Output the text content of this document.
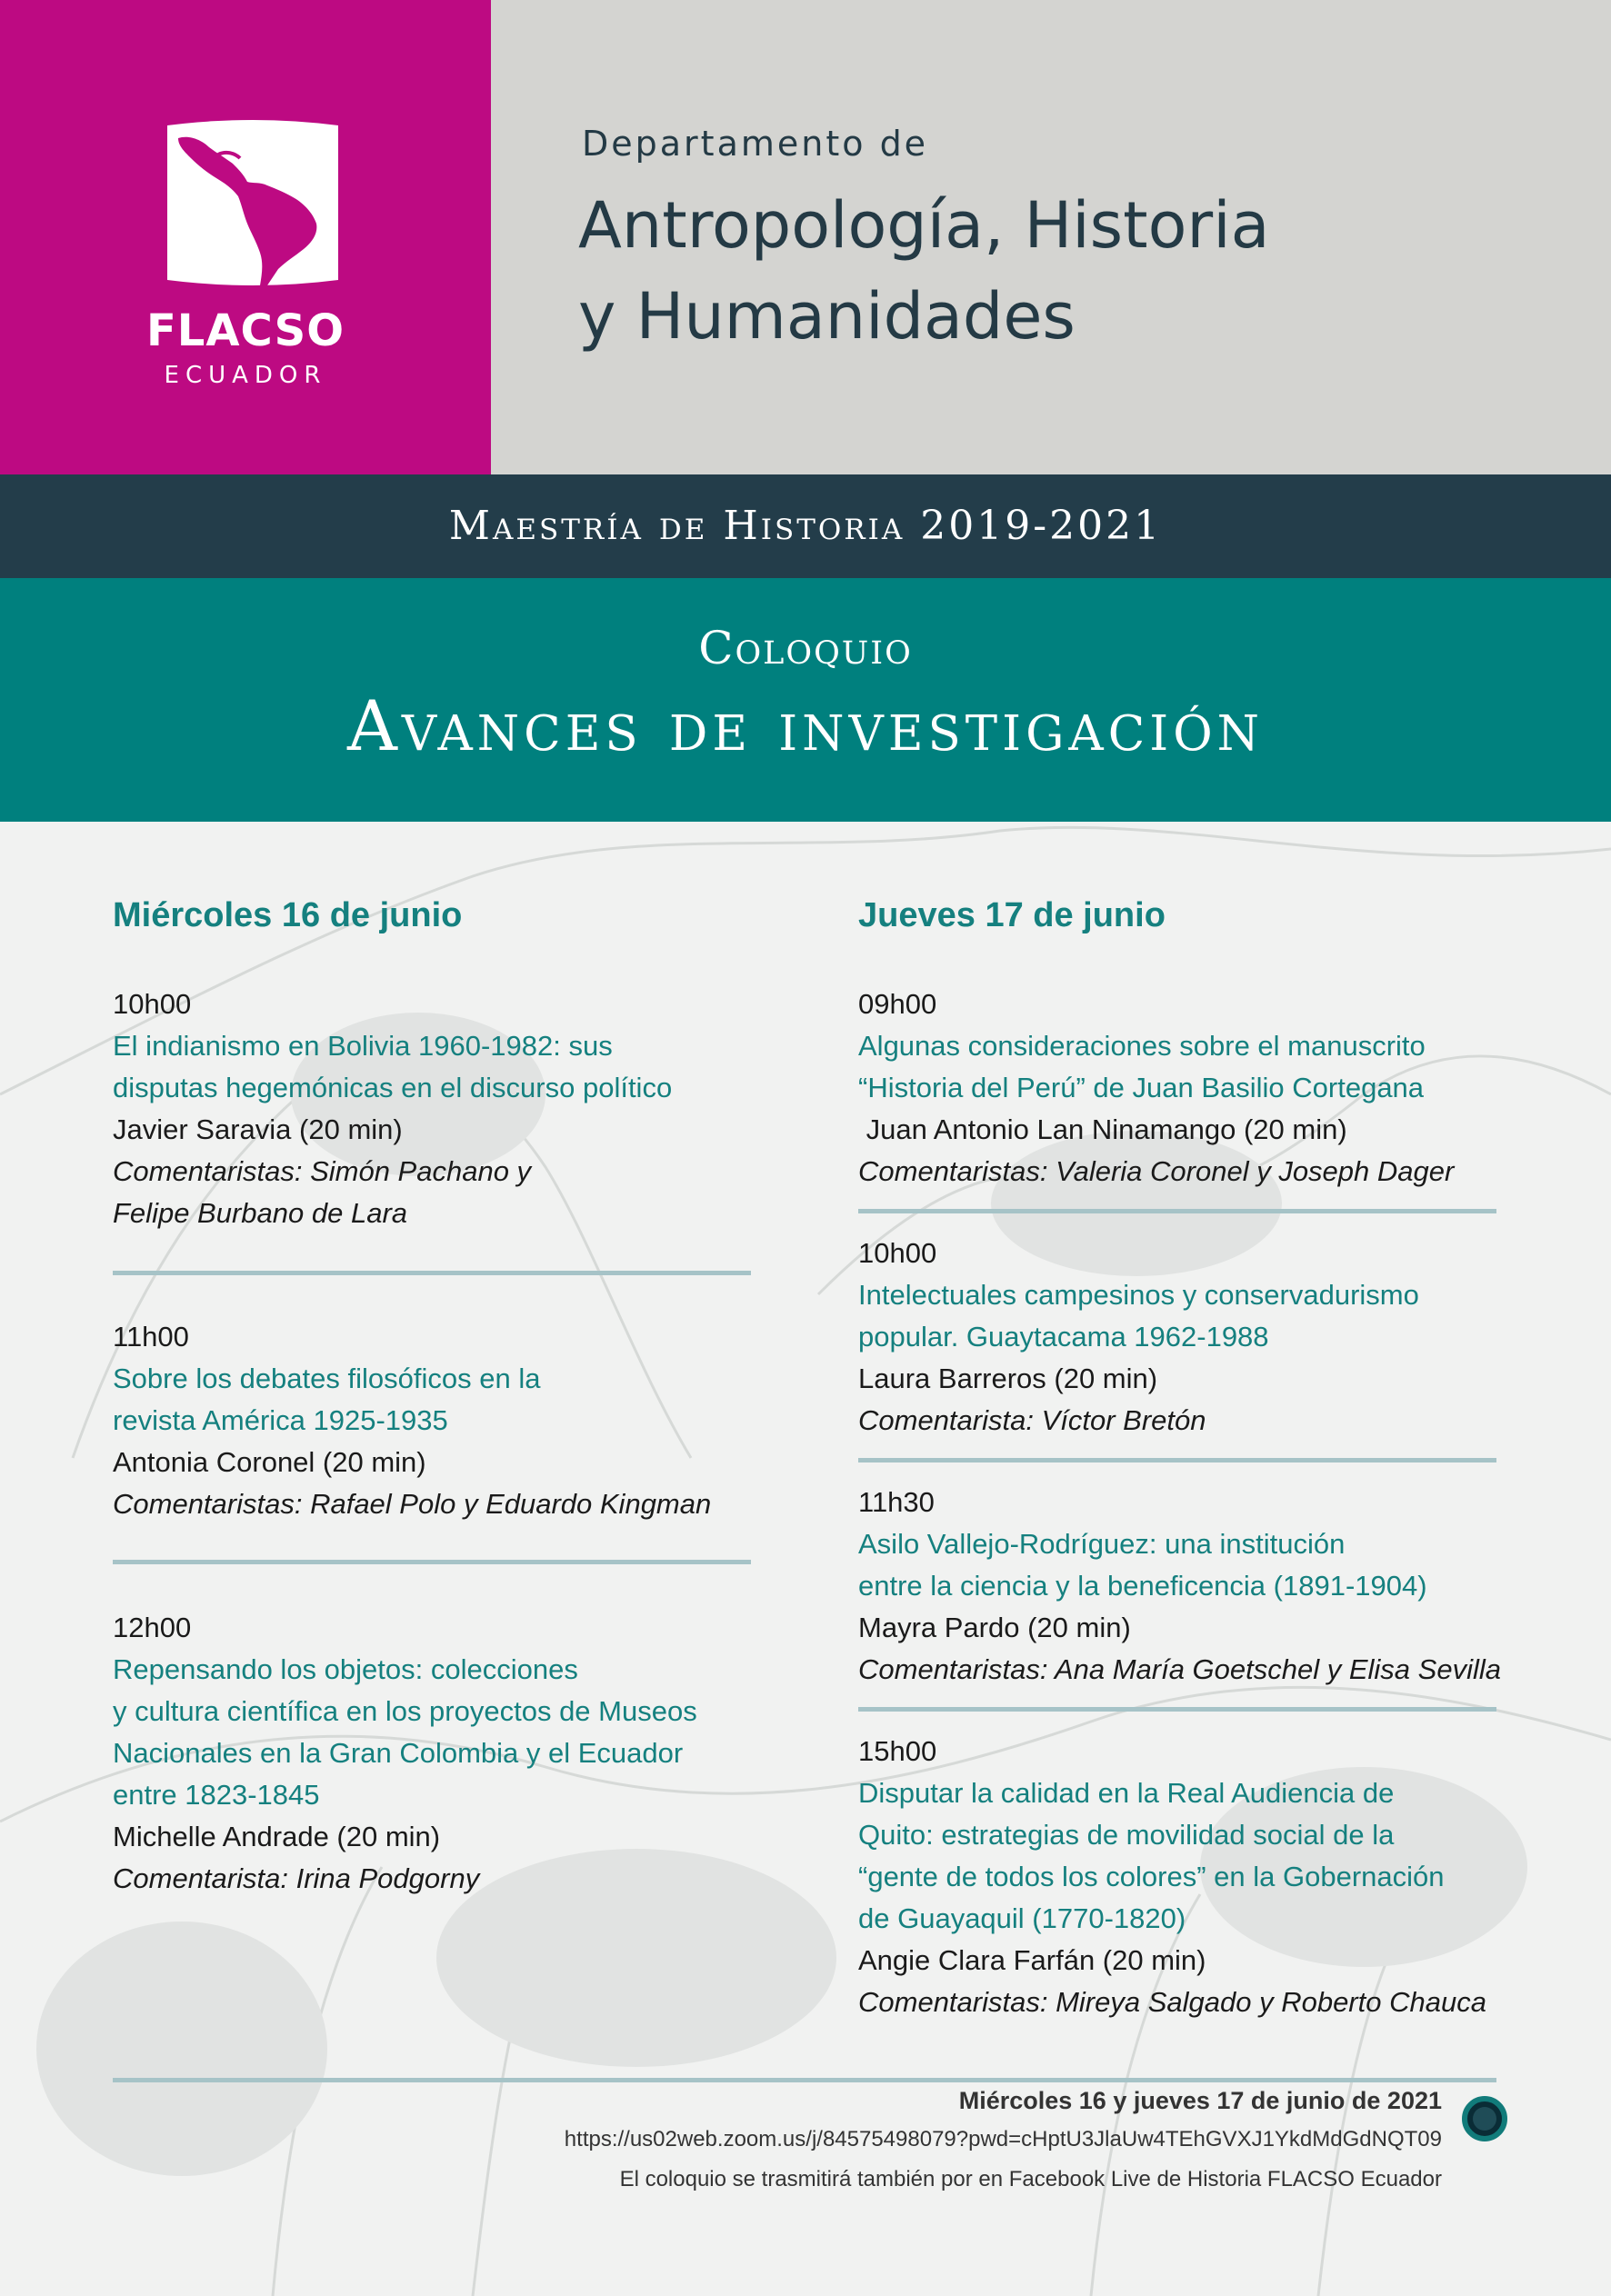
FLACSO
ECUADOR
Departamento de
Antropología, Historia
y Humanidades
Maestría de Historia 2019-2021
Coloquio
Avances de investigación
Miércoles 16 de junio
10h00
El indianismo en Bolivia 1960-1982: sus
disputas hegemónicas en el discurso político
Javier Saravia (20 min)
Comentaristas: Simón Pachano y
Felipe Burbano de Lara
11h00
Sobre los debates filosóficos en la
revista América 1925-1935
Antonia Coronel (20 min)
Comentaristas: Rafael Polo y Eduardo Kingman
12h00
Repensando los objetos: colecciones
y cultura científica en los proyectos de Museos
Nacionales en la Gran Colombia y el Ecuador
entre 1823-1845
Michelle Andrade (20 min)
Comentarista: Irina Podgorny
Jueves 17 de junio
09h00
Algunas consideraciones sobre el manuscrito
“Historia del Perú” de Juan Basilio Cortegana
Juan Antonio Lan Ninamango (20 min)
Comentaristas: Valeria Coronel y Joseph Dager
10h00
Intelectuales campesinos y conservadurismo
popular. Guaytacama 1962-1988
Laura Barreros (20 min)
Comentarista: Víctor Bretón
11h30
Asilo Vallejo-Rodríguez: una institución
entre la ciencia y la beneficencia (1891-1904)
Mayra Pardo (20 min)
Comentaristas: Ana María Goetschel y Elisa Sevilla
15h00
Disputar la calidad en la Real Audiencia de
Quito: estrategias de movilidad social de la
“gente de todos los colores” en la Gobernación
de Guayaquil (1770-1820)
Angie Clara Farfán (20 min)
Comentaristas: Mireya Salgado y Roberto Chauca
Miércoles 16 y jueves 17 de junio de 2021
https://us02web.zoom.us/j/84575498079?pwd=cHptU3JlaUw4TEhGVXJ1YkdMdGdNQT09
El coloquio se trasmitirá también por en Facebook Live de Historia FLACSO Ecuador
